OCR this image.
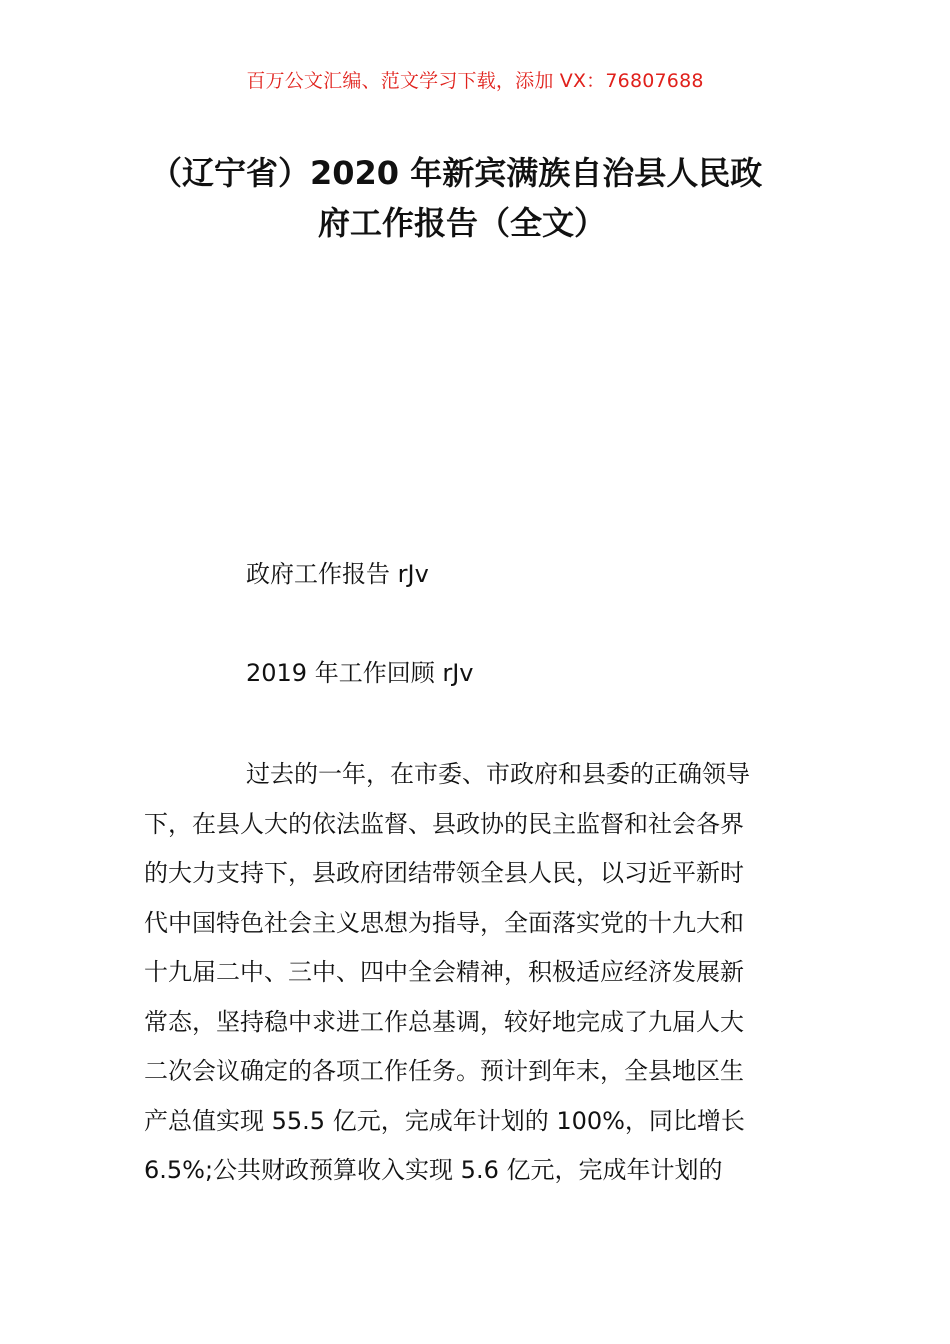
百万公文汇编、范文学习下载，添加 VX：76807688
（辽宁省）2020 年新宾满族自治县人民政
府工作报告（全文）
政府工作报告 rJv
2019 年工作回顾 rJv
过去的一年，在市委、市政府和县委的正确领导
下，在县人大的依法监督、县政协的民主监督和社会各界
的大力支持下，县政府团结带领全县人民，以习近平新时
代中国特色社会主义思想为指导，全面落实党的十九大和
十九届二中、三中、四中全会精神，积极适应经济发展新
常态，坚持稳中求进工作总基调，较好地完成了九届人大
二次会议确定的各项工作任务。预计到年末，全县地区生
产总值实现 55.5 亿元，完成年计划的 100%，同比增长
6.5%;公共财政预算收入实现 5.6 亿元，完成年计划的
